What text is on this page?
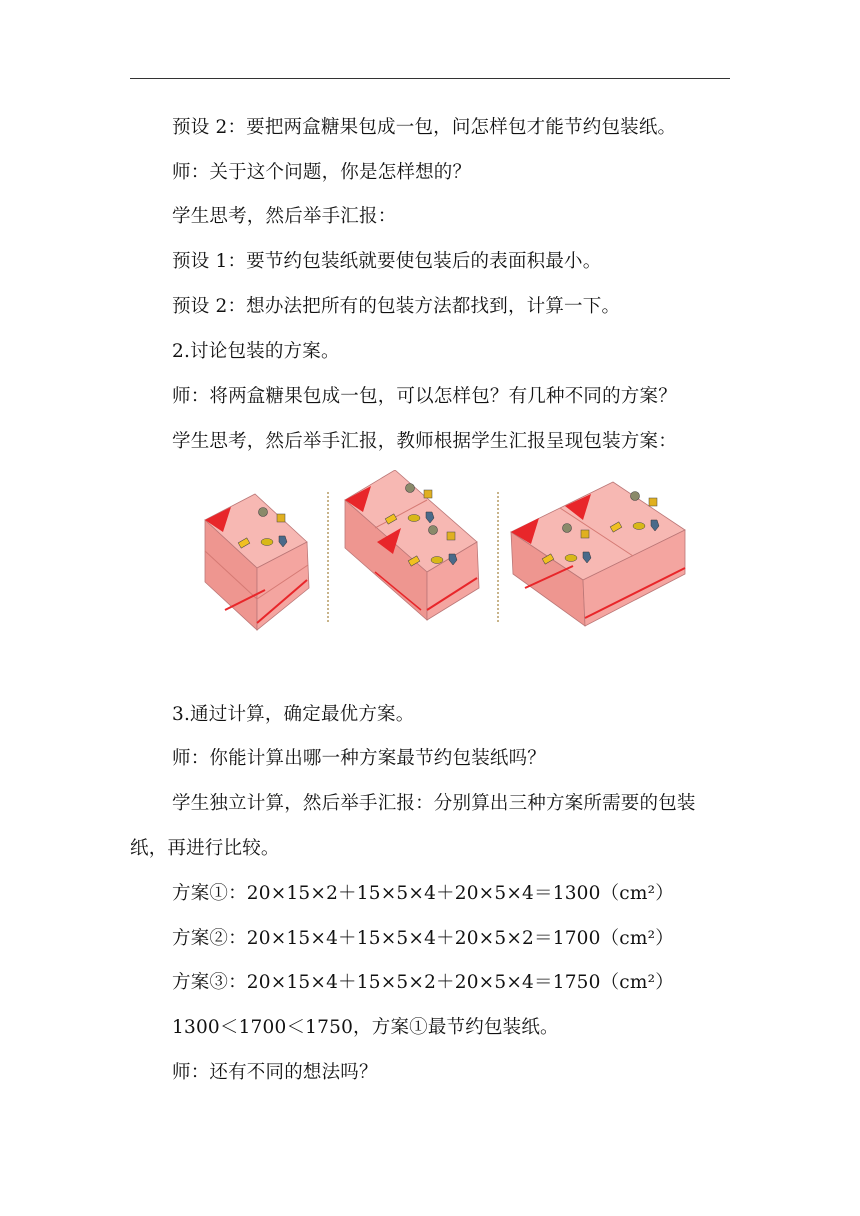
预设 2：要把两盒糖果包成一包，问怎样包才能节约包装纸。
师：关于这个问题，你是怎样想的？
学生思考，然后举手汇报：
预设 1：要节约包装纸就要使包装后的表面积最小。
预设 2：想办法把所有的包装方法都找到，计算一下。
2.讨论包装的方案。
师：将两盒糖果包成一包，可以怎样包？有几种不同的方案？
学生思考，然后举手汇报，教师根据学生汇报呈现包装方案：
3.通过计算，确定最优方案。
师：你能计算出哪一种方案最节约包装纸吗？
学生独立计算，然后举手汇报：分别算出三种方案所需要的包装
纸，再进行比较。
方案①：20×15×2＋15×5×4＋20×5×4＝1300（cm²）
方案②：20×15×4＋15×5×4＋20×5×2＝1700（cm²）
方案③：20×15×4＋15×5×2＋20×5×4＝1750（cm²）
1300＜1700＜1750，方案①最节约包装纸。
师：还有不同的想法吗？
